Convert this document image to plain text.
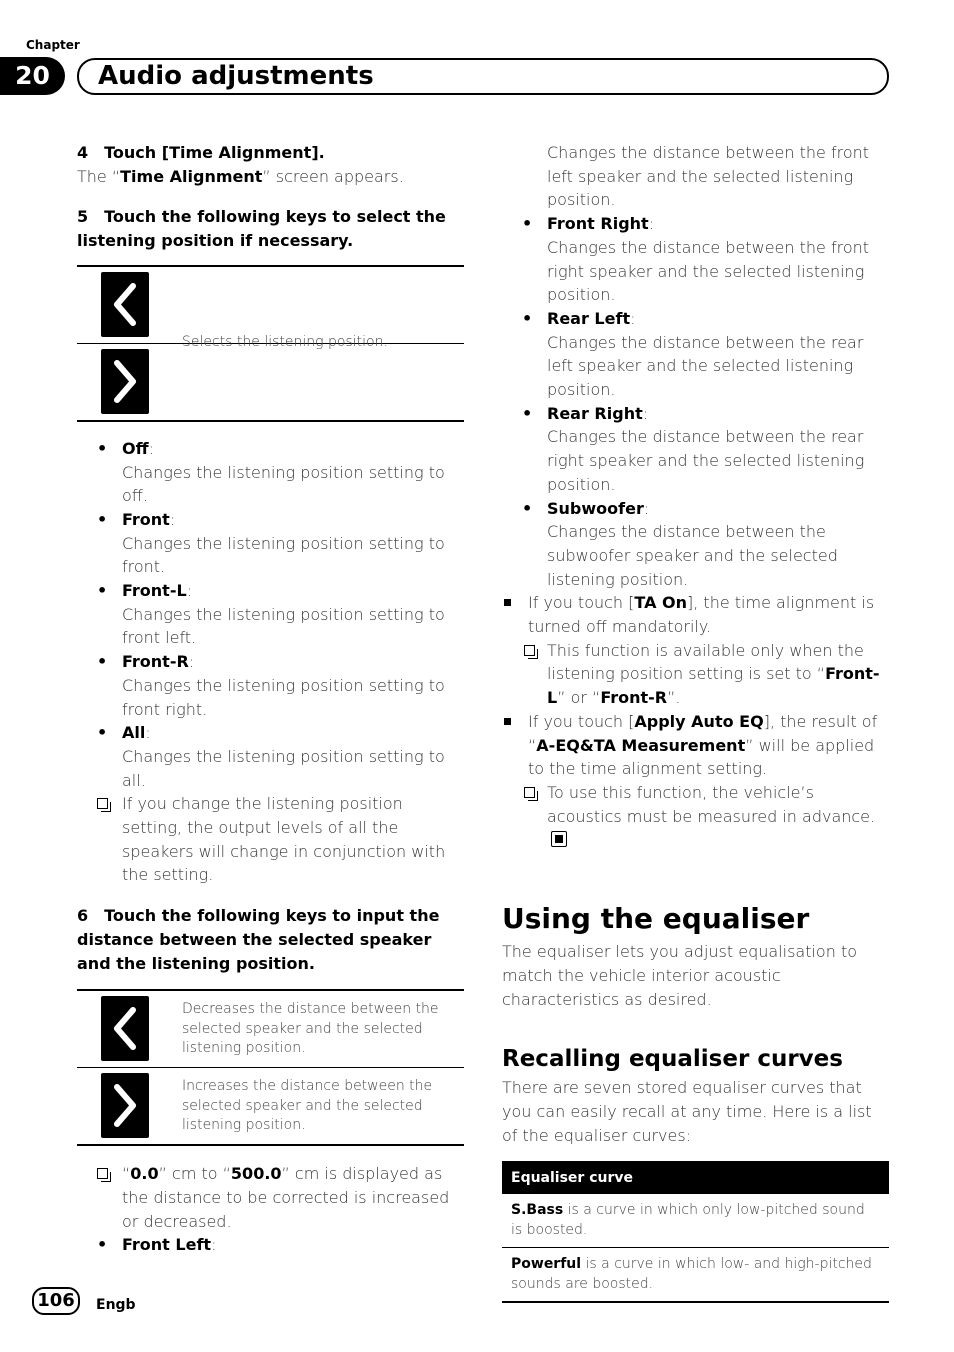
Chapter
20	Audio adjustments
4 Touch [Time Alignment].
The “Time Alignment” screen appears.
5 Touch the following keys to select the listening position if necessary.
Selects the listening position.
• Off:
Changes the listening position setting to off.
• Front:
Changes the listening position setting to front.
• Front-L:
Changes the listening position setting to front left.
• Front-R:
Changes the listening position setting to front right.
• All:
Changes the listening position setting to all.
If you change the listening position setting, the output levels of all the speakers will change in conjunction with the setting.
6 Touch the following keys to input the distance between the selected speaker and the listening position.
Decreases the distance between the selected speaker and the selected listening position.
Increases the distance between the selected speaker and the selected listening position.
“0.0” cm to “500.0” cm is displayed as the distance to be corrected is increased or decreased.
• Front Left:
Changes the distance between the front left speaker and the selected listening position.
• Front Right:
Changes the distance between the front right speaker and the selected listening position.
• Rear Left:
Changes the distance between the rear left speaker and the selected listening position.
• Rear Right:
Changes the distance between the rear right speaker and the selected listening position.
• Subwoofer:
Changes the distance between the subwoofer speaker and the selected listening position.
If you touch [TA On], the time alignment is turned off mandatorily.
This function is available only when the listening position setting is set to “Front-L” or “Front-R”.
If you touch [Apply Auto EQ], the result of “A-EQ&TA Measurement” will be applied to the time alignment setting.
To use this function, the vehicle’s acoustics must be measured in advance.
Using the equaliser
The equaliser lets you adjust equalisation to match the vehicle interior acoustic characteristics as desired.
Recalling equaliser curves
There are seven stored equaliser curves that you can easily recall at any time. Here is a list of the equaliser curves:
Equaliser curve
S.Bass is a curve in which only low-pitched sound is boosted.
Powerful is a curve in which low- and high-pitched sounds are boosted.
106	Engb
